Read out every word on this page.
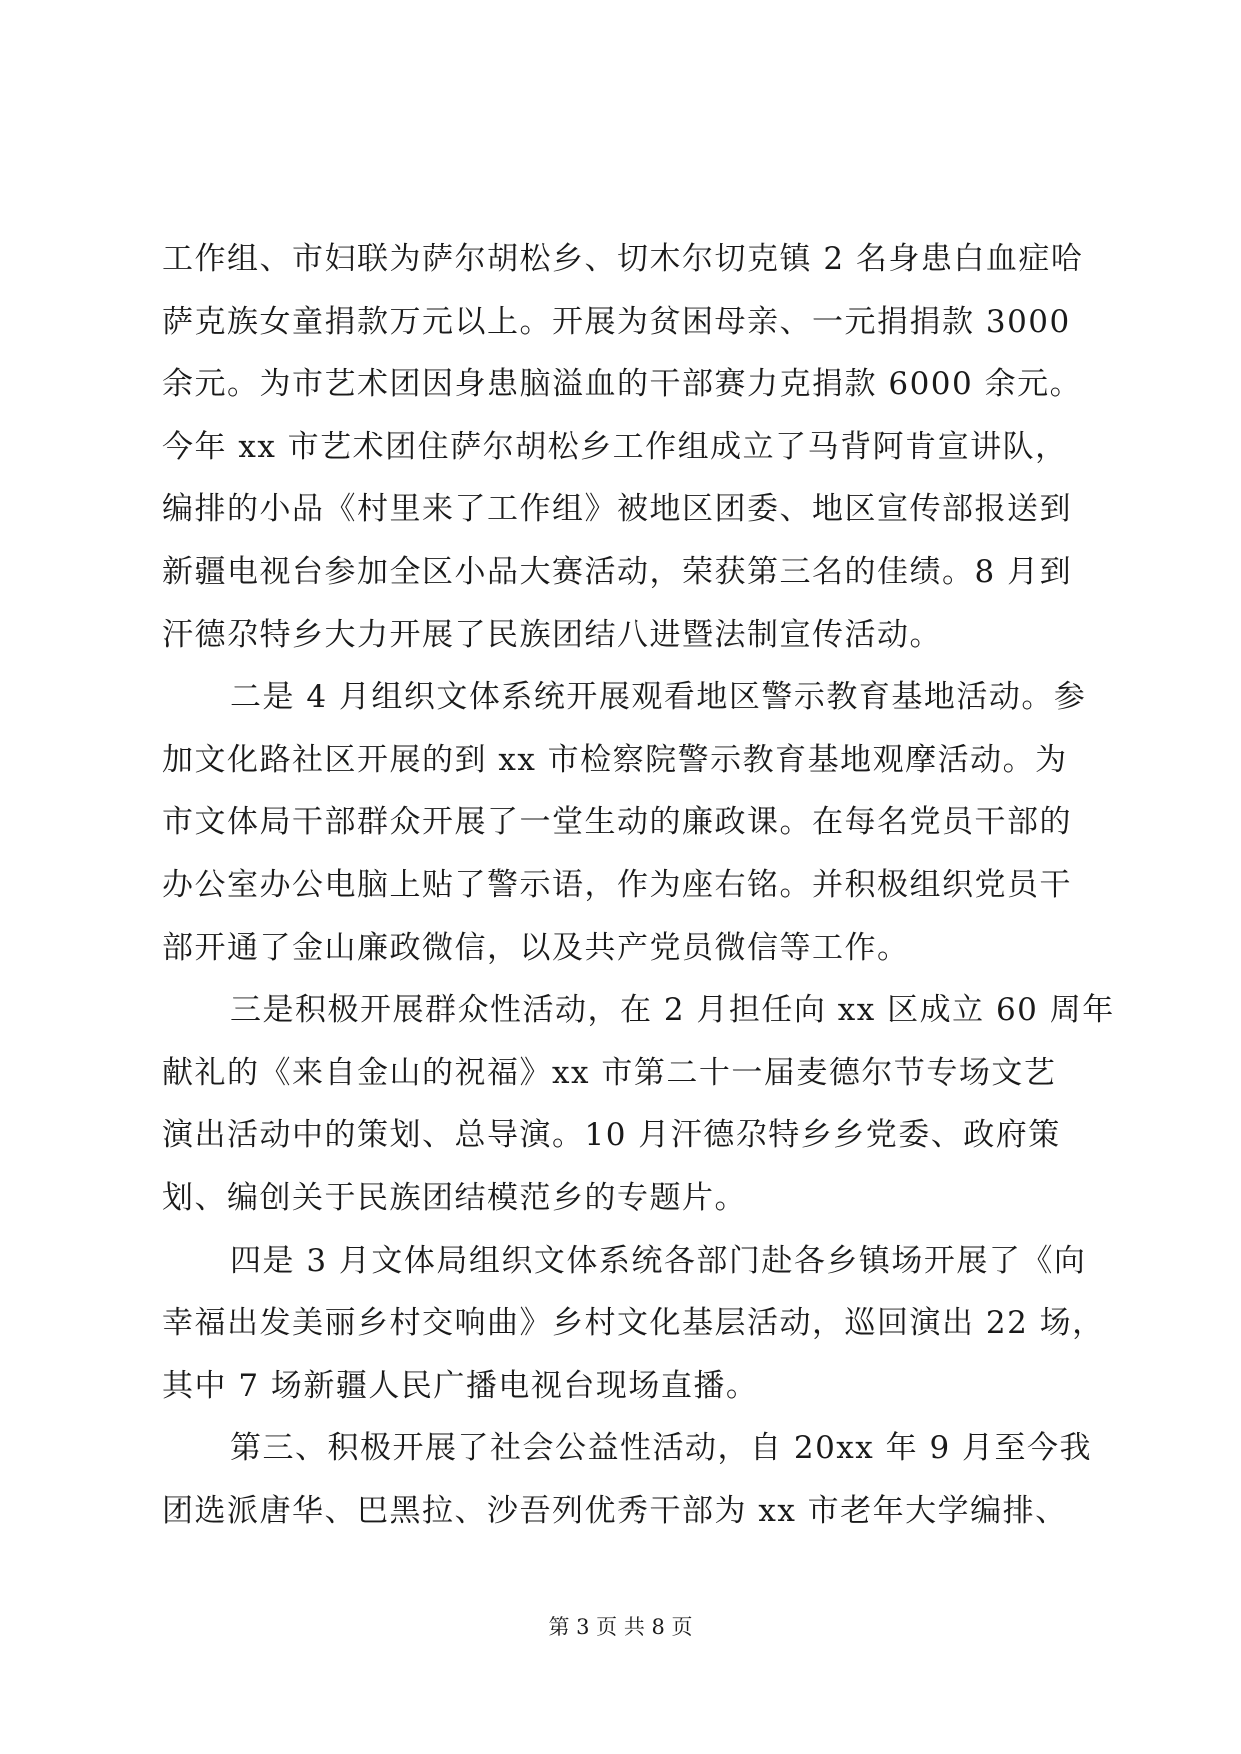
工作组、市妇联为萨尔胡松乡、切木尔切克镇 2 名身患白血症哈
萨克族女童捐款万元以上。开展为贫困母亲、一元捐捐款 3000
余元。为市艺术团因身患脑溢血的干部赛力克捐款 6000 余元。
今年 xx 市艺术团住萨尔胡松乡工作组成立了马背阿肯宣讲队，
编排的小品《村里来了工作组》被地区团委、地区宣传部报送到
新疆电视台参加全区小品大赛活动，荣获第三名的佳绩。8 月到
汗德尕特乡大力开展了民族团结八进暨法制宣传活动。
二是 4 月组织文体系统开展观看地区警示教育基地活动。参
加文化路社区开展的到 xx 市检察院警示教育基地观摩活动。为
市文体局干部群众开展了一堂生动的廉政课。在每名党员干部的
办公室办公电脑上贴了警示语，作为座右铭。并积极组织党员干
部开通了金山廉政微信，以及共产党员微信等工作。
三是积极开展群众性活动，在 2 月担任向 xx 区成立 60 周年
献礼的《来自金山的祝福》xx 市第二十一届麦德尔节专场文艺
演出活动中的策划、总导演。10 月汗德尕特乡乡党委、政府策
划、编创关于民族团结模范乡的专题片。
四是 3 月文体局组织文体系统各部门赴各乡镇场开展了《向
幸福出发美丽乡村交响曲》乡村文化基层活动，巡回演出 22 场，
其中 7 场新疆人民广播电视台现场直播。
第三、积极开展了社会公益性活动，自 20xx 年 9 月至今我
团选派唐华、巴黑拉、沙吾列优秀干部为 xx 市老年大学编排、
第 3 页 共 8 页
